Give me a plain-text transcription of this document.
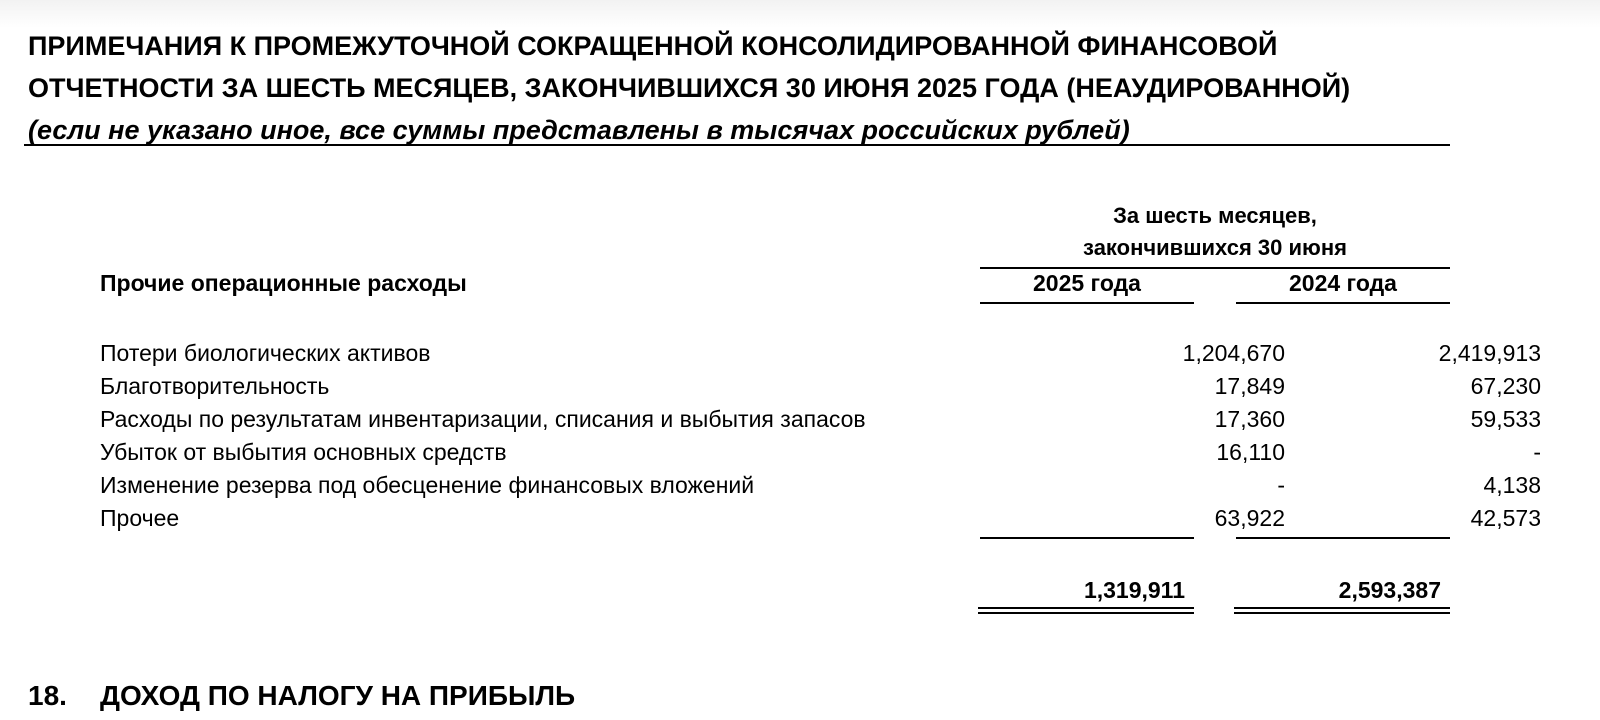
ПРИМЕЧАНИЯ К ПРОМЕЖУТОЧНОЙ СОКРАЩЕННОЙ КОНСОЛИДИРОВАННОЙ ФИНАНСОВОЙ
ОТЧЕТНОСТИ ЗА ШЕСТЬ МЕСЯЦЕВ, ЗАКОНЧИВШИХСЯ 30 ИЮНЯ 2025 ГОДА (НЕАУДИРОВАННОЙ)
(если не указано иное, все суммы представлены в тысячах российских рублей)
За шесть месяцев,
закончившихся 30 июня
Прочие операционные расходы	2025 года	2024 года
Потери биологических активов	1,204,670	2,419,913
Благотворительность	17,849	67,230
Расходы по результатам инвентаризации, списания и выбытия запасов	17,360	59,533
Убыток от выбытия основных средств	16,110	-
Изменение резерва под обесценение финансовых вложений	-	4,138
Прочее	63,922	42,573
1,319,911	2,593,387
18. ДОХОД ПО НАЛОГУ НА ПРИБЫЛЬ
